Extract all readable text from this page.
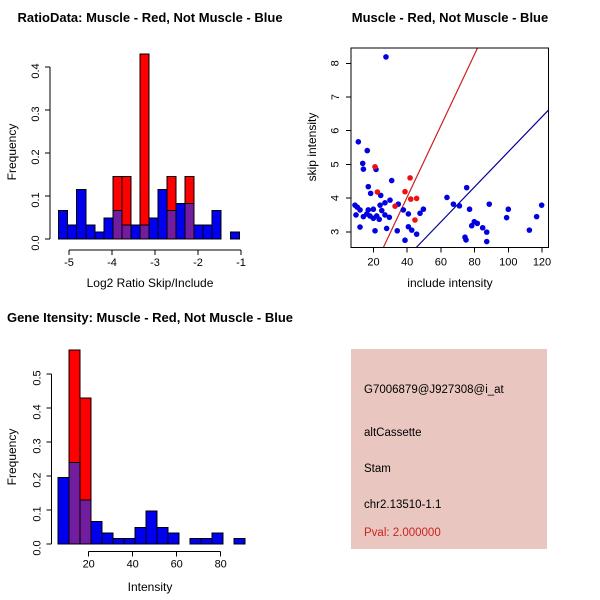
0.0
0.1
0.2
0.3
0.4
-5	-4	-3	-2	-1
RatioData: Muscle - Red, Not Muscle - Blue
Log2 Ratio Skip/Include
Frequency
20 40 60 80 100 120
3
4
5
6
7
8
Muscle - Red, Not Muscle - Blue
include intensity
skip intensity
0.0
0.1
0.2
0.3
0.4
0.5
20	40	60	80
Gene Itensity: Muscle - Red, Not Muscle - Blue
Intensity
Frequency
G7006879@J927308@i_at
altCassette
Stam
chr2.13510-1.1
Pval: 2.000000
